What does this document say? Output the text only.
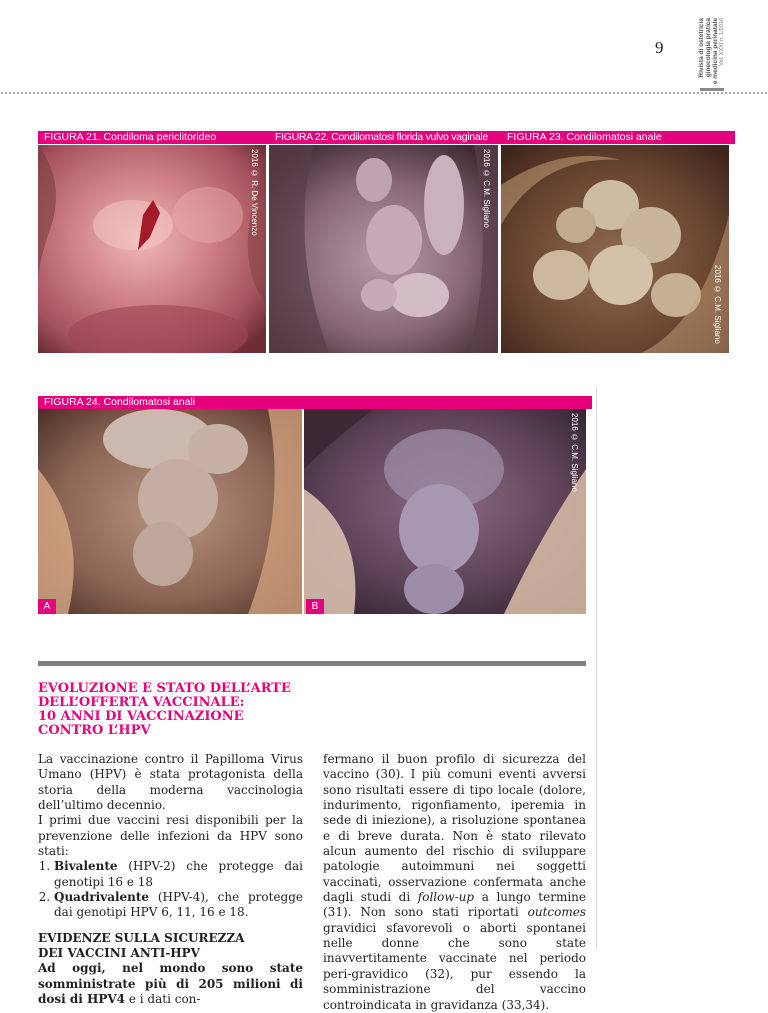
9	Rivista di ostetricia ginecologia pratica e medicina perinatale Vol. XXXI n. 1/2016
FIGURA 21. Condiloma periclitorideo
2016 © R. De Vincenzo
FIGURA 22. Condilomatosi florida vulvo vaginale
2016 © C.M. Sigliano
FIGURA 23. Condilomatosi anale
2016 © C.M. Sigliano
FIGURA 24. Condilomatosi anali
A
2016 © C.M. Sigliano
B
EVOLUZIONE E STATO DELL’ARTE
DELL’OFFERTA VACCINALE:
10 ANNI DI VACCINAZIONE
CONTRO L’HPV

La vaccinazione contro il Papilloma Virus Umano (HPV) è stata protagonista della storia della moderna vaccinologia dell’ultimo decennio.

I primi due vaccini resi disponibili per la prevenzione delle infezioni da HPV sono stati:

1. Bivalente (HPV-2) che protegge dai genotipi 16 e 18
2. Quadrivalente (HPV-4), che protegge dai genotipi HPV 6, 11, 16 e 18.

EVIDENZE SULLA SICUREZZA
DEI VACCINI ANTI-HPV

Ad oggi, nel mondo sono state somministrate più di 205 milioni di dosi di HPV4 e i dati con-

fermano il buon profilo di sicurezza del vaccino (30). I più comuni eventi avversi sono risultati essere di tipo locale (dolore, indurimento, rigonfiamento, iperemia in sede di iniezione), a risoluzione spontanea e di breve durata. Non è stato rilevato alcun aumento del rischio di sviluppare patologie autoimmuni nei soggetti vaccinati, osservazione confermata anche dagli studi di follow-up a lungo termine (31). Non sono stati riportati outcomes gravidici sfavorevoli o aborti spontanei nelle donne che sono state inavvertitamente vaccinate nel periodo peri-gravidico (32), pur essendo la somministrazione del vaccino controindicata in gravidanza (33,34).
